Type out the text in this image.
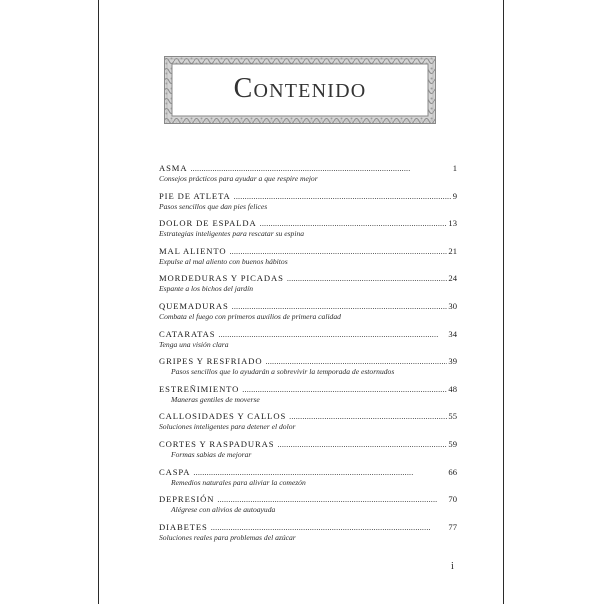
Contenido
ASMA . . .	1
Consejos prácticos para ayudar a que respire mejor
PIE DE ATLETA . . .	9
Pasos sencillos que dan pies felices
DOLOR DE ESPALDA . . .	13
Estrategias inteligentes para rescatar su espina
MAL ALIENTO . . .	21
Expulse al mal aliento con buenos hábitos
MORDEDURAS Y PICADAS . . .	24
Espante a los bichos del jardín
QUEMADURAS . . .	30
Combata el fuego con primeros auxilios de primera calidad
CATARATAS . . .	34
Tenga una visión clara
GRIPES Y RESFRIADO . . .	39
Pasos sencillos que lo ayudarán a sobrevivir la temporada de estornudos
ESTREÑIMIENTO . . .	48
Maneras gentiles de moverse
CALLOSIDADES Y CALLOS . . .	55
Soluciones inteligentes para detener el dolor
CORTES Y RASPADURAS . . .	59
Formas sabias de mejorar
CASPA . . .	66
Remedios naturales para aliviar la comezón
DEPRESIÓN . . .	70
Alégrese con alivios de autoayuda
DIABETES . . .	77
Soluciones reales para problemas del azúcar
i
